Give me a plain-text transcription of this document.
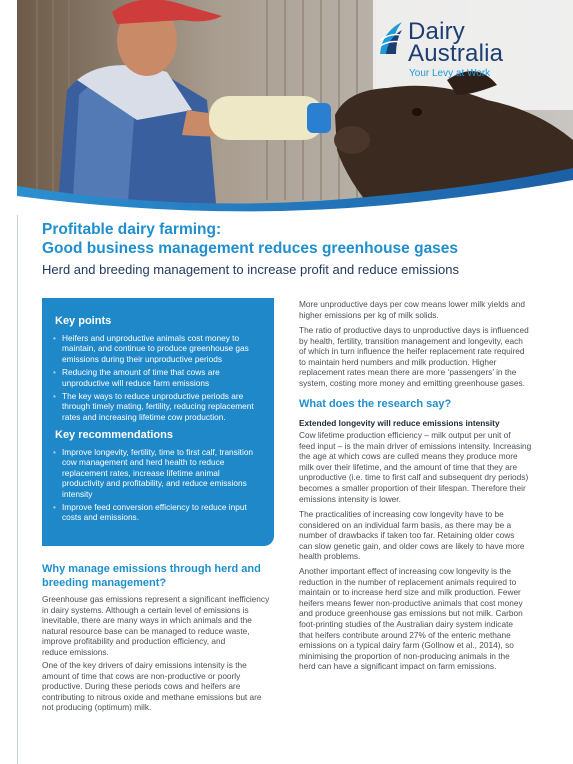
Dairy
Australia
Your Levy at Work
Profitable dairy farming:
Good business management reduces greenhouse gases
Herd and breeding management to increase profit and reduce emissions
Key points
• Heifers and unproductive animals cost money to
maintain, and continue to produce greenhouse gas
emissions during their unproductive periods
• Reducing the amount of time that cows are
unproductive will reduce farm emissions
• The key ways to reduce unproductive periods are
through timely mating, fertility, reducing replacement
rates and increasing lifetime cow production.
Key recommendations
• Improve longevity, fertility, time to first calf, transition
cow management and herd health to reduce
replacement rates, increase lifetime animal
productivity and profitability, and reduce emissions
intensity
• Improve feed conversion efficiency to reduce input
costs and emissions.
Why manage emissions through herd and
breeding management?
Greenhouse gas emissions represent a significant inefficiency
in dairy systems. Although a certain level of emissions is
inevitable, there are many ways in which animals and the
natural resource base can be managed to reduce waste,
improve profitability and production efficiency, and
reduce emissions.
One of the key drivers of dairy emissions intensity is the
amount of time that cows are non-productive or poorly
productive. During these periods cows and heifers are
contributing to nitrous oxide and methane emissions but are
not producing (optimum) milk.
More unproductive days per cow means lower milk yields and
higher emissions per kg of milk solids.
The ratio of productive days to unproductive days is influenced
by health, fertility, transition management and longevity, each
of which in turn influence the heifer replacement rate required
to maintain herd numbers and milk production. Higher
replacement rates mean there are more ‘passengers’ in the
system, costing more money and emitting greenhouse gases.
What does the research say?
Extended longevity will reduce emissions intensity
Cow lifetime production efficiency – milk output per unit of
feed input – is the main driver of emissions intensity. Increasing
the age at which cows are culled means they produce more
milk over their lifetime, and the amount of time that they are
unproductive (i.e. time to first calf and subsequent dry periods)
becomes a smaller proportion of their lifespan. Therefore their
emissions intensity is lower.
The practicalities of increasing cow longevity have to be
considered on an individual farm basis, as there may be a
number of drawbacks if taken too far. Retaining older cows
can slow genetic gain, and older cows are likely to have more
health problems.
Another important effect of increasing cow longevity is the
reduction in the number of replacement animals required to
maintain or to increase herd size and milk production. Fewer
heifers means fewer non-productive animals that cost money
and produce greenhouse gas emissions but not milk. Carbon
foot-printing studies of the Australian dairy system indicate
that heifers contribute around 27% of the enteric methane
emissions on a typical dairy farm (Gollnow et al., 2014), so
minimising the proportion of non-producing animals in the
herd can have a significant impact on farm emissions.
